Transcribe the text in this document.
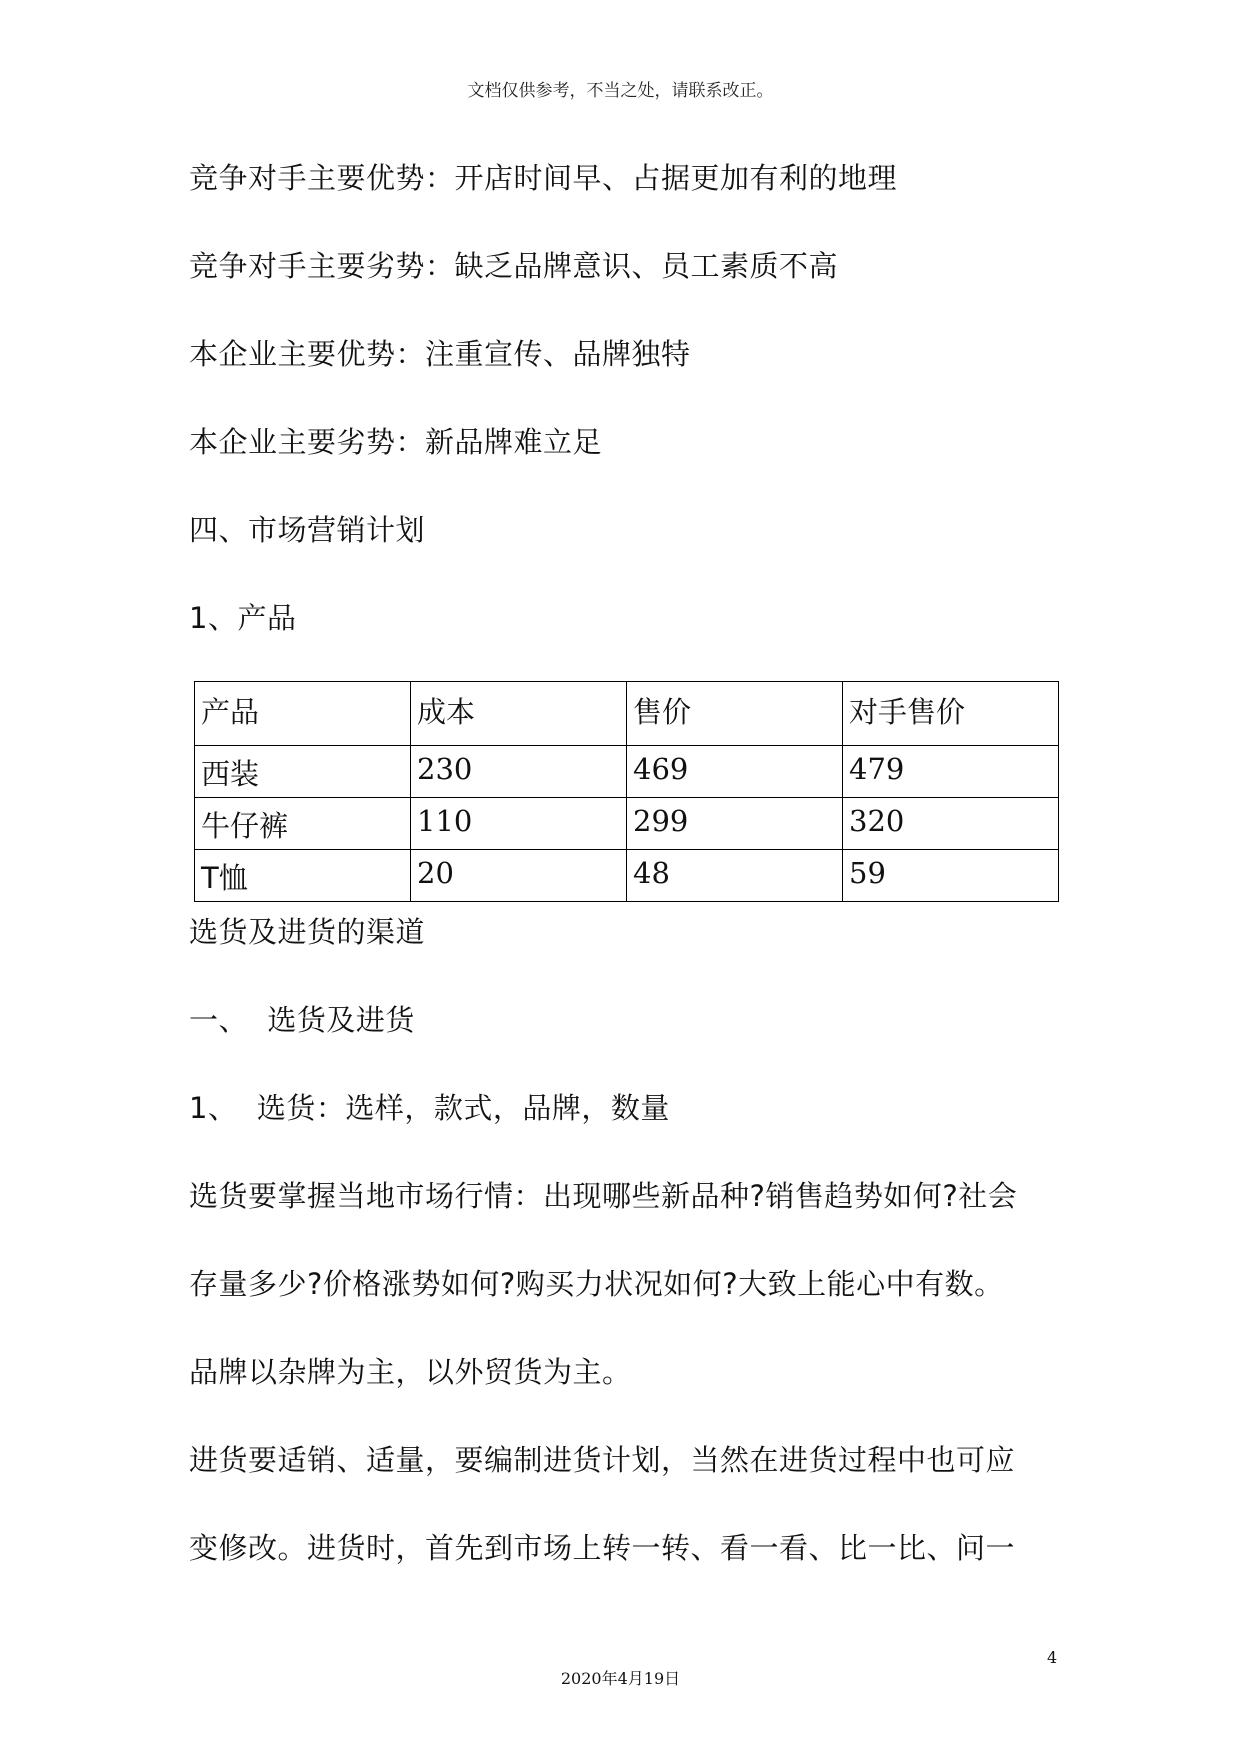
文档仅供参考，不当之处，请联系改正。
竞争对手主要优势：开店时间早、占据更加有利的地理
竞争对手主要劣势：缺乏品牌意识、员工素质不高
本企业主要优势：注重宣传、品牌独特
本企业主要劣势：新品牌难立足
四、市场营销计划
1、产品
产品	成本	售价	对手售价
西装	230	469	479
牛仔裤	110	299	320
T恤	20	48	59
选货及进货的渠道
一、  选货及进货
1、  选货：选样，款式，品牌，数量
选货要掌握当地市场行情：出现哪些新品种?销售趋势如何?社会
存量多少?价格涨势如何?购买力状况如何?大致上能心中有数。
品牌以杂牌为主，以外贸货为主。
进货要适销、适量，要编制进货计划，当然在进货过程中也可应
变修改。进货时，首先到市场上转一转、看一看、比一比、问一
4
2020年4月19日
